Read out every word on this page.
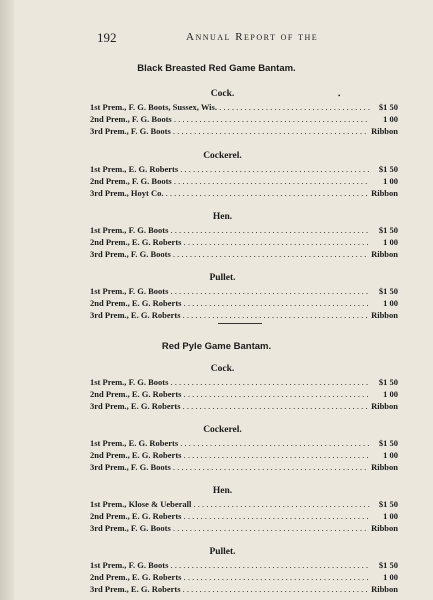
192	Annual Report of the
•
Black Breasted Red Game Bantam.
Cock.
1st Prem., F. G. Boots, Sussex, Wis. . . .	$1 50
2nd Prem., F. G. Boots . . .	1 00
3rd Prem., F. G. Boots . . .	Ribbon
Cockerel.
1st Prem., E. G. Roberts . . .	$1 50
2nd Prem., F. G. Boots . . .	1 00
3rd Prem., Hoyt Co. . . .	Ribbon
Hen.
1st Prem., F. G. Boots . . .	$1 50
2nd Prem., E. G. Roberts . . .	1 00
3rd Prem., F. G. Boots . . .	Ribbon
Pullet.
1st Prem., F. G. Boots . . .	$1 50
2nd Prem., E. G. Roberts . . .	1 00
3rd Prem., E. G. Roberts . . .	Ribbon
Red Pyle Game Bantam.
Cock.
1st Prem., F. G. Boots . . .	$1 50
2nd Prem., E. G. Roberts . . .	1 00
3rd Prem., E. G. Roberts . . .	Ribbon
Cockerel.
1st Prem., E. G. Roberts . . .	$1 50
2nd Prem., E. G. Roberts . . .	1 00
3rd Prem., F. G. Boots . . .	Ribbon
Hen.
1st Prem., Klose & Ueberall . . .	$1 50
2nd Prem., E. G. Roberts . . .	1 00
3rd Prem., F. G. Boots . . .	Ribbon
Pullet.
1st Prem., F. G. Boots . . .	$1 50
2nd Prem., E. G. Roberts . . .	1 00
3rd Prem., E. G. Roberts . . .	Ribbon
